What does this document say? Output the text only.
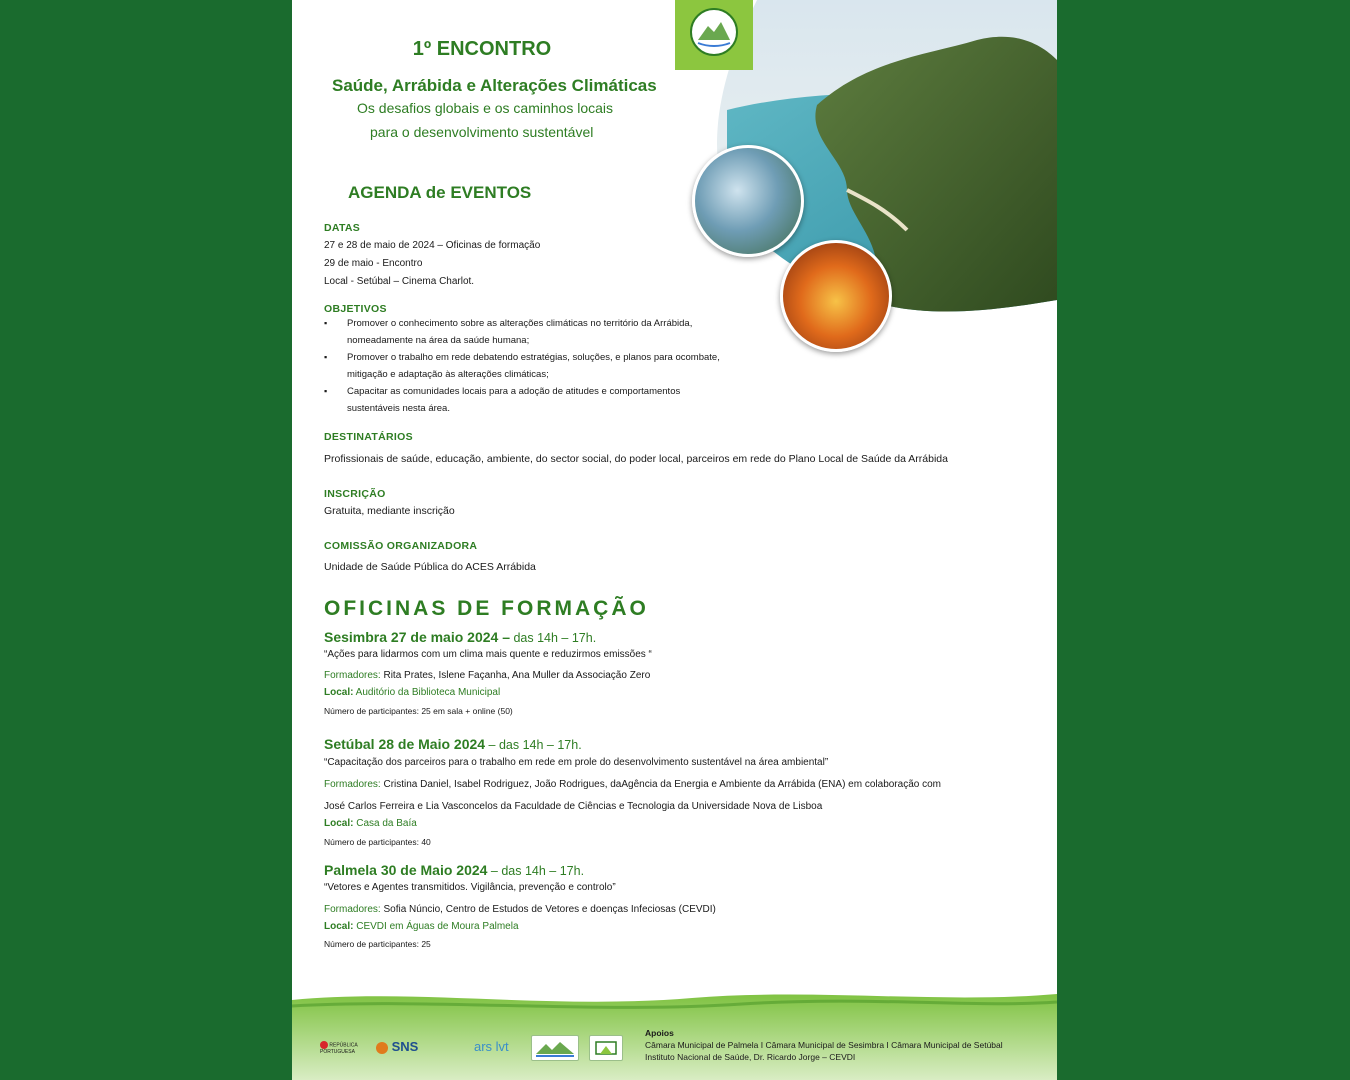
1º ENCONTRO
Saúde, Arrábida e Alterações Climáticas
Os desafios globais e os caminhos locais
para o desenvolvimento sustentável
AGENDA de EVENTOS
DATAS
27 e 28 de maio de 2024 – Oficinas de formação
29 de maio - Encontro
Local - Setúbal – Cinema Charlot.
OBJETIVOS
▪ Promover o conhecimento sobre as alterações climáticas no território da Arrábida,
nomeadamente na área da saúde humana;
▪ Promover o trabalho em rede debatendo estratégias, soluções, e planos para ocombate,
mitigação e adaptação às alterações climáticas;
▪ Capacitar as comunidades locais para a adoção de atitudes e comportamentos
sustentáveis nesta área.
DESTINATÁRIOS
Profissionais de saúde, educação, ambiente, do sector social, do poder local, parceiros em rede do Plano Local de Saúde da Arrábida
INSCRIÇÃO
Gratuita, mediante inscrição
COMISSÃO ORGANIZADORA
Unidade de Saúde Pública do ACES Arrábida
OFICINAS DE FORMAÇÃO
Sesimbra 27 de maio 2024 – das 14h – 17h.
“Ações para lidarmos com um clima mais quente e reduzirmos emissões “
Formadores: Rita Prates, Islene Façanha, Ana Muller da Associação Zero
Local: Auditório da Biblioteca Municipal
Número de participantes: 25 em sala + online (50)
Setúbal 28 de Maio 2024 – das 14h – 17h.
“Capacitação dos parceiros para o trabalho em rede em prole do desenvolvimento sustentável na área ambiental”
Formadores: Cristina Daniel, Isabel Rodriguez, João Rodrigues, daAgência da Energia e Ambiente da Arrábida (ENA) em colaboração com
José Carlos Ferreira e Lia Vasconcelos da Faculdade de Ciências e Tecnologia da Universidade Nova de Lisboa
Local: Casa da Baía
Número de participantes: 40
Palmela 30 de Maio 2024 – das 14h – 17h.
“Vetores e Agentes transmitidos. Vigilância, prevenção e controlo”
Formadores: Sofia Núncio, Centro de Estudos de Vetores e doenças Infeciosas (CEVDI)
Local: CEVDI em Águas de Moura Palmela
Número de participantes: 25
REPÚBLICA PORTUGUESA	SNS	ars lvt
Apoios
Câmara Municipal de Palmela I Câmara Municipal de Sesimbra I Câmara Municipal de Setúbal
Instituto Nacional de Saúde, Dr. Ricardo Jorge – CEVDI
